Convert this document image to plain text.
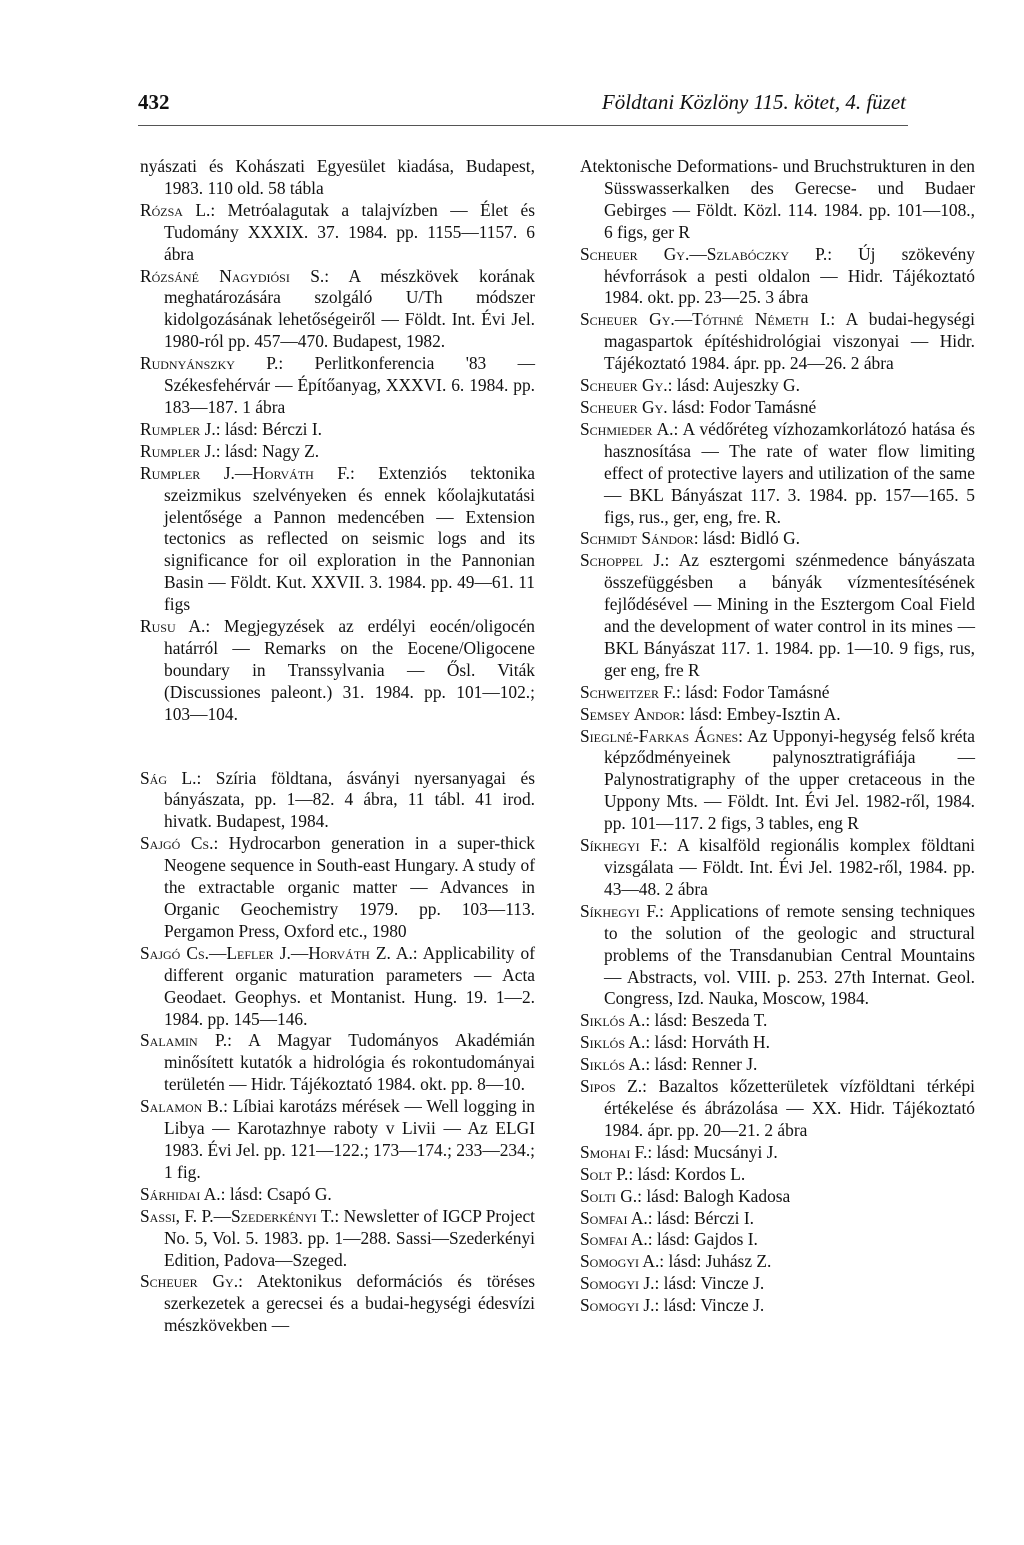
432	Földtani Közlöny 115. kötet, 4. füzet

nyászati és Kohászati Egyesület kiadása, Budapest, 1983. 110 old. 58 tábla

Rózsa L.: Metróalagutak a talajvízben — Élet és Tudomány XXXIX. 37. 1984. pp. 1155—1157. 6 ábra

Rózsáné Nagydiósi S.: A mészkövek korának meghatározására szolgáló U/Th módszer kidolgozásának lehetőségeiről — Földt. Int. Évi Jel. 1980-ról pp. 457—470. Budapest, 1982.

Rudnyánszky P.: Perlitkonferencia '83 — Székesfehérvár — Építőanyag, XXXVI. 6. 1984. pp. 183—187. 1 ábra

Rumpler J.: lásd: Bérczi I.

Rumpler J.: lásd: Nagy Z.

Rumpler J.—Horváth F.: Extenziós tektonika szeizmikus szelvényeken és ennek kőolajkutatási jelentősége a Pannon medencében — Extension tectonics as reflected on seismic logs and its significance for oil exploration in the Pannonian Basin — Földt. Kut. XXVII. 3. 1984. pp. 49—61. 11 figs

Rusu A.: Megjegyzések az erdélyi eocén/oligocén határról — Remarks on the Eocene/Oligocene boundary in Transsylvania — Ősl. Viták (Discussiones paleont.) 31. 1984. pp. 101—102.; 103—104.

Ság L.: Szíria földtana, ásványi nyersanyagai és bányászata, pp. 1—82. 4 ábra, 11 tábl. 41 irod. hivatk. Budapest, 1984.

Sajgó Cs.: Hydrocarbon generation in a super-thick Neogene sequence in South-east Hungary. A study of the extractable organic matter — Advances in Organic Geochemistry 1979. pp. 103—113. Pergamon Press, Oxford etc., 1980

Sajgó Cs.—Lefler J.—Horváth Z. A.: Applicability of different organic maturation parameters — Acta Geodaet. Geophys. et Montanist. Hung. 19. 1—2. 1984. pp. 145—146.

Salamin P.: A Magyar Tudományos Akadémián minősített kutatók a hidrológia és rokontudományai területén — Hidr. Tájékoztató 1984. okt. pp. 8—10.

Salamon B.: Líbiai karotázs mérések — Well logging in Libya — Karotazhnye raboty v Livii — Az ELGI 1983. Évi Jel. pp. 121—122.; 173—174.; 233—234.; 1 fig.

Sárhidai A.: lásd: Csapó G.

Sassi, F. P.—Szederkényi T.: Newsletter of IGCP Project No. 5, Vol. 5. 1983. pp. 1—288. Sassi—Szederkényi Edition, Padova—Szeged.

Scheuer Gy.: Atektonikus deformációs és töréses szerkezetek a gerecsei és a budai-hegységi édesvízi mészkövekben —

Atektonische Deformations- und Bruchstrukturen in den Süsswasserkalken des Gerecse- und Budaer Gebirges — Földt. Közl. 114. 1984. pp. 101—108., 6 figs, ger R

Scheuer Gy.—Szlabóczky P.: Új szökevény hévforrások a pesti oldalon — Hidr. Tájékoztató 1984. okt. pp. 23—25. 3 ábra

Scheuer Gy.—Tóthné Németh I.: A budai-hegységi magaspartok építéshidrológiai viszonyai — Hidr. Tájékoztató 1984. ápr. pp. 24—26. 2 ábra

Scheuer Gy.: lásd: Aujeszky G.

Scheuer Gy. lásd: Fodor Tamásné

Schmieder A.: A védőréteg vízhozamkorlátozó hatása és hasznosítása — The rate of water flow limiting effect of protective layers and utilization of the same — BKL Bányászat 117. 3. 1984. pp. 157—165. 5 figs, rus., ger, eng, fre. R.

Schmidt Sándor: lásd: Bidló G.

Schoppel J.: Az esztergomi szénmedence bányászata összefüggésben a bányák vízmentesítésének fejlődésével — Mining in the Esztergom Coal Field and the development of water control in its mines — BKL Bányászat 117. 1. 1984. pp. 1—10. 9 figs, rus, ger eng, fre R

Schweitzer F.: lásd: Fodor Tamásné

Semsey Andor: lásd: Embey-Isztin A.

Sieglné-Farkas Ágnes: Az Upponyi-hegység felső kréta képződményeinek palynosztratigráfiája — Palynostratigraphy of the upper cretaceous in the Uppony Mts. — Földt. Int. Évi Jel. 1982-ről, 1984. pp. 101—117. 2 figs, 3 tables, eng R

Síkhegyi F.: A kisalföld regionális komplex földtani vizsgálata — Földt. Int. Évi Jel. 1982-ről, 1984. pp. 43—48. 2 ábra

Síkhegyi F.: Applications of remote sensing techniques to the solution of the geologic and structural problems of the Transdanubian Central Mountains — Abstracts, vol. VIII. p. 253. 27th Internat. Geol. Congress, Izd. Nauka, Moscow, 1984.

Siklós A.: lásd: Beszeda T.

Siklós A.: lásd: Horváth H.

Siklós A.: lásd: Renner J.

Sipos Z.: Bazaltos kőzetterületek vízföldtani térképi értékelése és ábrázolása — XX. Hidr. Tájékoztató 1984. ápr. pp. 20—21. 2 ábra

Smohai F.: lásd: Mucsányi J.

Solt P.: lásd: Kordos L.

Solti G.: lásd: Balogh Kadosa

Somfai A.: lásd: Bérczi I.

Somfai A.: lásd: Gajdos I.

Somogyi A.: lásd: Juhász Z.

Somogyi J.: lásd: Vincze J.

Somogyi J.: lásd: Vincze J.
